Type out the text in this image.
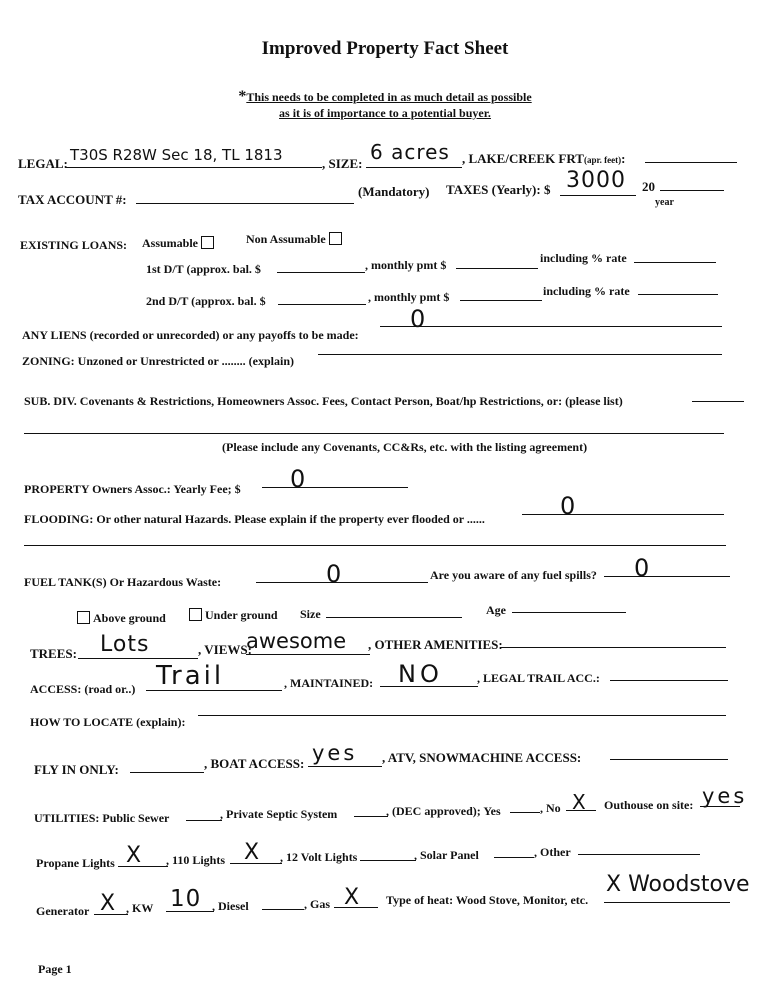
Improved Property Fact Sheet
*This needs to be completed in as much detail as possible
as it is of importance to a potential buyer.
LEGAL: T30S R28W Sec 18, TL 1813	, SIZE: 6 acres , LAKE/CREEK FRT(apr. feet):
TAX ACCOUNT #:
(Mandatory) TAXES (Yearly): $ 3000 20
year
EXISTING LOANS: Assumable	Non Assumable
1st D/T (approx. bal. $	, monthly pmt $	including % rate
2nd D/T (approx. bal. $	, monthly pmt $	including % rate
ANY LIENS (recorded or unrecorded) or any payoffs to be made:
0
ZONING: Unzoned or Unrestricted or ........ (explain)
SUB. DIV. Covenants & Restrictions, Homeowners Assoc. Fees, Contact Person, Boat/hp Restrictions, or: (please list)
(Please include any Covenants, CC&Rs, etc. with the listing agreement)
PROPERTY Owners Assoc.: Yearly Fee; $ 0
FLOODING: Or other natural Hazards. Please explain if the property ever flooded or ......	0
FUEL TANK(S) Or Hazardous Waste:	0	Are you aware of any fuel spills? 0
Above ground	Under ground Size	Age
TREES: Lots	, VIEWS:
awesome , OTHER AMENITIES:
ACCESS: (road or..) Trail	, MAINTAINED: NO	, LEGAL TRAIL ACC.:
HOW TO LOCATE (explain):
FLY IN ONLY:	, BOAT ACCESS: yes , ATV, SNOWMACHINE ACCESS:
UTILITIES: Public Sewer	, Private Septic System	, (DEC approved); Yes	, No X Outhouse on site: yes
Propane Lights X , 110 Lights X , 12 Volt Lights	, Solar Panel	, Other
Generator X , KW 10 , Diesel	, Gas X Type of heat: Wood Stove, Monitor, etc.
X Woodstove
Page 1
